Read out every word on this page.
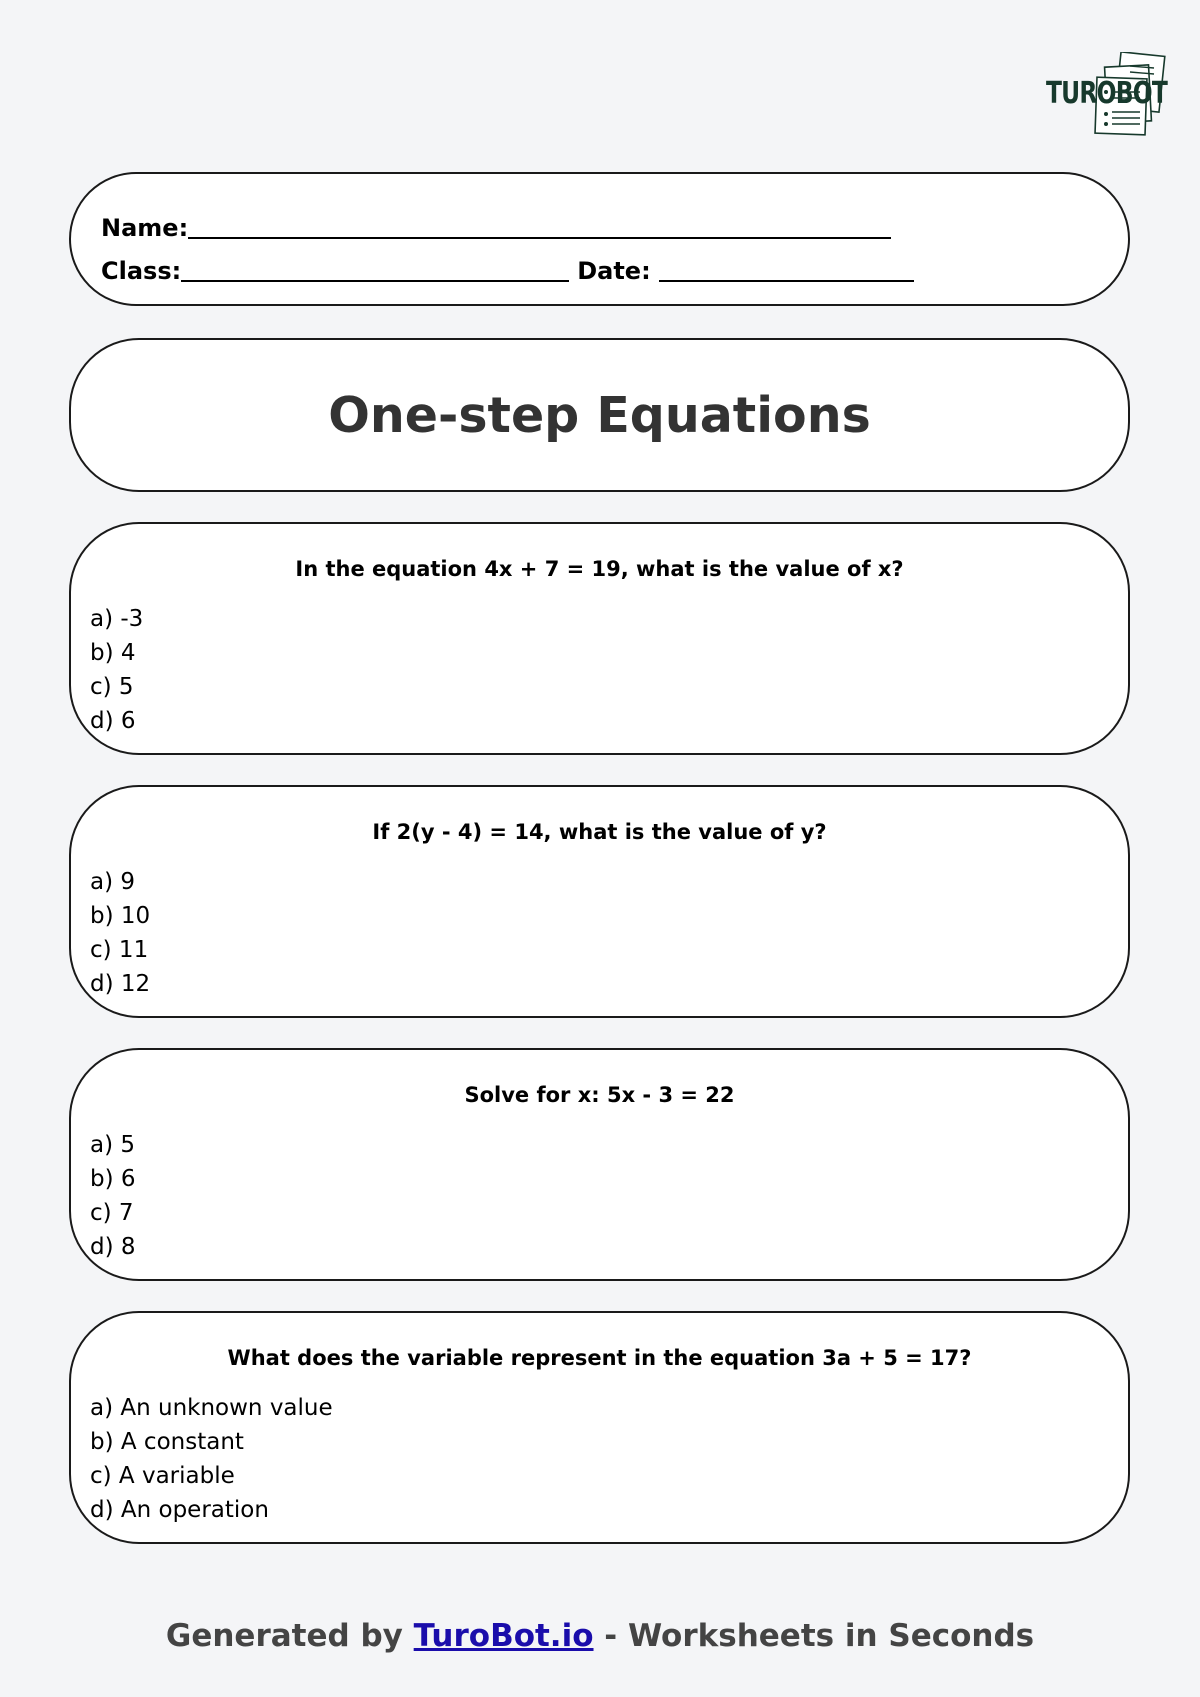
TUROBOT
Name:
Class:	Date:
One-step Equations
In the equation 4x + 7 = 19, what is the value of x?
a) -3
b) 4
c) 5
d) 6
If 2(y - 4) = 14, what is the value of y?
a) 9
b) 10
c) 11
d) 12
Solve for x: 5x - 3 = 22
a) 5
b) 6
c) 7
d) 8
What does the variable represent in the equation 3a + 5 = 17?
a) An unknown value
b) A constant
c) A variable
d) An operation
Generated by TuroBot.io - Worksheets in Seconds
